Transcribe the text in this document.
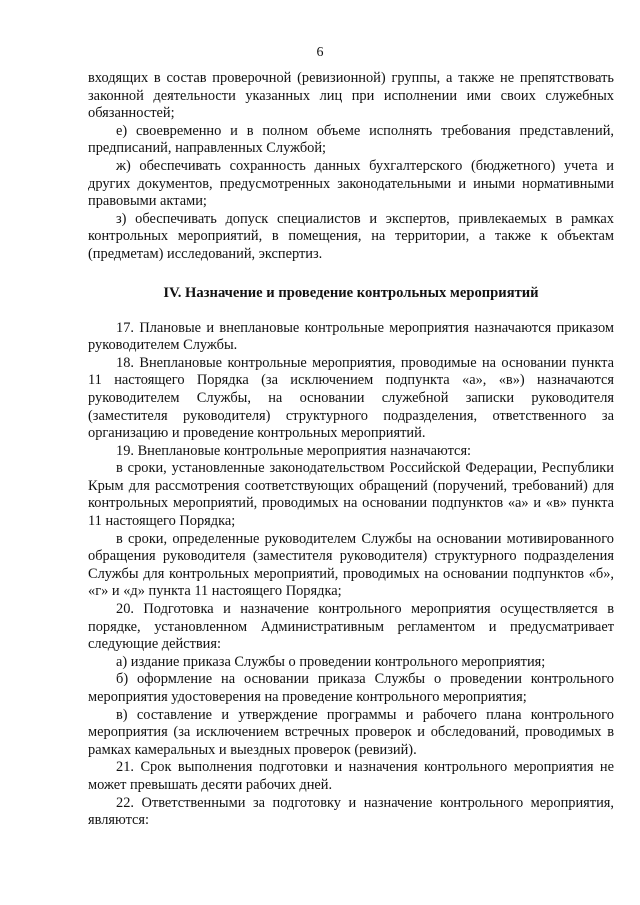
6

входящих в состав проверочной (ревизионной) группы, а также не препятствовать законной деятельности указанных лиц при исполнении ими своих служебных обязанностей;

е) своевременно и в полном объеме исполнять требования представлений, предписаний, направленных Службой;

ж) обеспечивать сохранность данных бухгалтерского (бюджетного) учета и других документов, предусмотренных законодательными и иными нормативными правовыми актами;

з) обеспечивать допуск специалистов и экспертов, привлекаемых в рамках контрольных мероприятий, в помещения, на территории, а также к объектам (предметам) исследований, экспертиз.

IV. Назначение и проведение контрольных мероприятий

17. Плановые и внеплановые контрольные мероприятия назначаются приказом руководителем Службы.

18. Внеплановые контрольные мероприятия, проводимые на основании пункта 11 настоящего Порядка (за исключением подпункта «а», «в») назначаются руководителем Службы, на основании служебной записки руководителя (заместителя руководителя) структурного подразделения, ответственного за организацию и проведение контрольных мероприятий.

19. Внеплановые контрольные мероприятия назначаются:

в сроки, установленные законодательством Российской Федерации, Республики Крым для рассмотрения соответствующих обращений (поручений, требований) для контрольных мероприятий, проводимых на основании подпунктов «а» и «в» пункта 11 настоящего Порядка;

в сроки, определенные руководителем Службы на основании мотивированного обращения руководителя (заместителя руководителя) структурного подразделения Службы для контрольных мероприятий, проводимых на основании подпунктов «б», «г» и «д» пункта 11 настоящего Порядка;

20. Подготовка и назначение контрольного мероприятия осуществляется в порядке, установленном Административным регламентом и предусматривает следующие действия:

а) издание приказа Службы о проведении контрольного мероприятия;

б) оформление на основании приказа Службы о проведении контрольного мероприятия удостоверения на проведение контрольного мероприятия;

в) составление и утверждение программы и рабочего плана контрольного мероприятия (за исключением встречных проверок и обследований, проводимых в рамках камеральных и выездных проверок (ревизий).

21. Срок выполнения подготовки и назначения контрольного мероприятия не может превышать десяти рабочих дней.

22. Ответственными за подготовку и назначение контрольного мероприятия, являются:
